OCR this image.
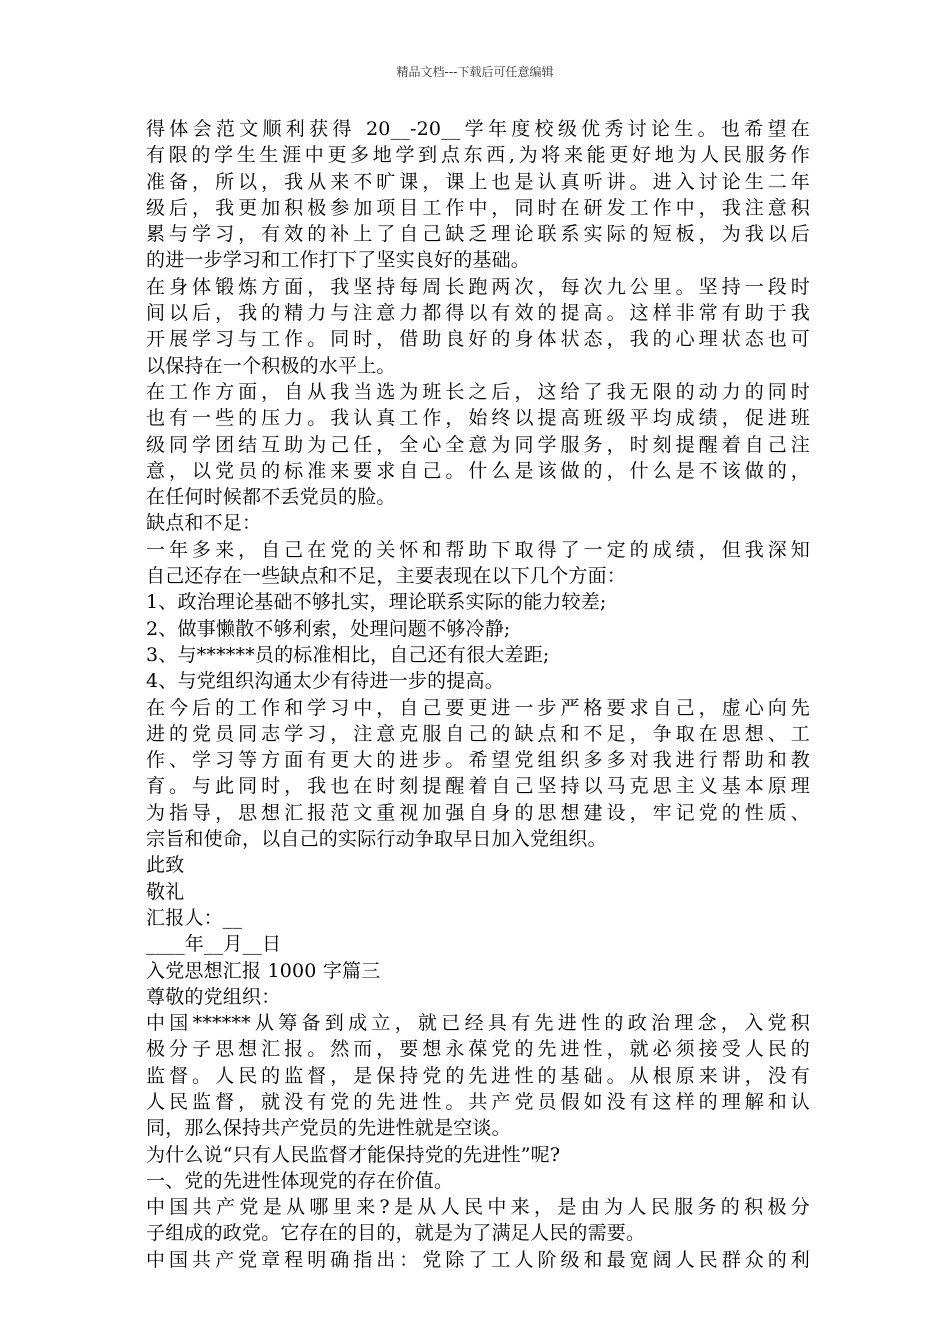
精品文档---下载后可任意编辑
得体会范文顺利获得 20__-20__学年度校级优秀讨论生。也希望在
有限的学生生涯中更多地学到点东西,为将来能更好地为人民服务作
准备，所以，我从来不旷课，课上也是认真听讲。进入讨论生二年
级后，我更加积极参加项目工作中，同时在研发工作中，我注意积
累与学习，有效的补上了自己缺乏理论联系实际的短板，为我以后
的进一步学习和工作打下了坚实良好的基础。
在身体锻炼方面，我坚持每周长跑两次，每次九公里。坚持一段时
间以后，我的精力与注意力都得以有效的提高。这样非常有助于我
开展学习与工作。同时，借助良好的身体状态，我的心理状态也可
以保持在一个积极的水平上。
在工作方面，自从我当选为班长之后，这给了我无限的动力的同时
也有一些的压力。我认真工作，始终以提高班级平均成绩，促进班
级同学团结互助为己任，全心全意为同学服务，时刻提醒着自己注
意，以党员的标准来要求自己。什么是该做的，什么是不该做的，
在任何时候都不丢党员的脸。
缺点和不足：
一年多来，自己在党的关怀和帮助下取得了一定的成绩，但我深知
自己还存在一些缺点和不足，主要表现在以下几个方面：
1、政治理论基础不够扎实，理论联系实际的能力较差;
2、做事懒散不够利索，处理问题不够冷静;
3、与******员的标准相比，自己还有很大差距;
4、与党组织沟通太少有待进一步的提高。
在今后的工作和学习中，自己要更进一步严格要求自己，虚心向先
进的党员同志学习，注意克服自己的缺点和不足，争取在思想、工
作、学习等方面有更大的进步。希望党组织多多对我进行帮助和教
育。与此同时，我也在时刻提醒着自己坚持以马克思主义基本原理
为指导，思想汇报范文重视加强自身的思想建设，牢记党的性质、
宗旨和使命，以自己的实际行动争取早日加入党组织。
此致
敬礼
汇报人：__
____年__月__日
入党思想汇报 1000 字篇三
尊敬的党组织：
中国******从筹备到成立，就已经具有先进性的政治理念，入党积
极分子思想汇报。然而，要想永葆党的先进性，就必须接受人民的
监督。人民的监督，是保持党的先进性的基础。从根原来讲，没有
人民监督，就没有党的先进性。共产党员假如没有这样的理解和认
同，那么保持共产党员的先进性就是空谈。
为什么说“只有人民监督才能保持党的先进性”呢?
一、党的先进性体现党的存在价值。
中国共产党是从哪里来?是从人民中来，是由为人民服务的积极分
子组成的政党。它存在的目的，就是为了满足人民的需要。
中国共产党章程明确指出：党除了工人阶级和最宽阔人民群众的利
